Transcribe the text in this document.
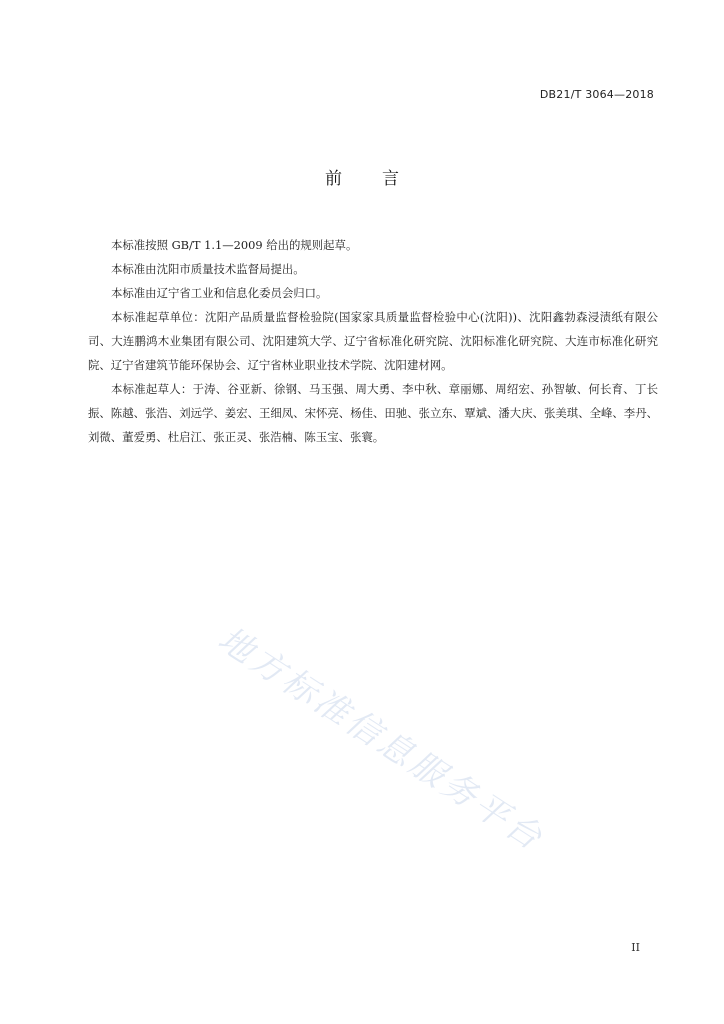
DB21/T 3064—2018
前 言

本标准按照 GB/T 1.1—2009 给出的规则起草。

本标准由沈阳市质量技术监督局提出。

本标准由辽宁省工业和信息化委员会归口。

本标准起草单位：沈阳产品质量监督检验院(国家家具质量监督检验中心(沈阳))、沈阳鑫勃森浸渍纸有限公司、大连鹏鸿木业集团有限公司、沈阳建筑大学、辽宁省标准化研究院、沈阳标准化研究院、大连市标准化研究院、辽宁省建筑节能环保协会、辽宁省林业职业技术学院、沈阳建材网。

本标准起草人：于涛、谷亚新、徐钢、马玉强、周大勇、李中秋、章丽娜、周绍宏、孙智敏、何长育、丁长振、陈越、张浩、刘远学、姜宏、王细凤、宋怀亮、杨佳、田驰、张立东、覃斌、潘大庆、张美琪、全峰、李丹、刘微、董爱勇、杜启江、张正灵、张浩楠、陈玉宝、张寰。

地方标准信息服务平台
II
